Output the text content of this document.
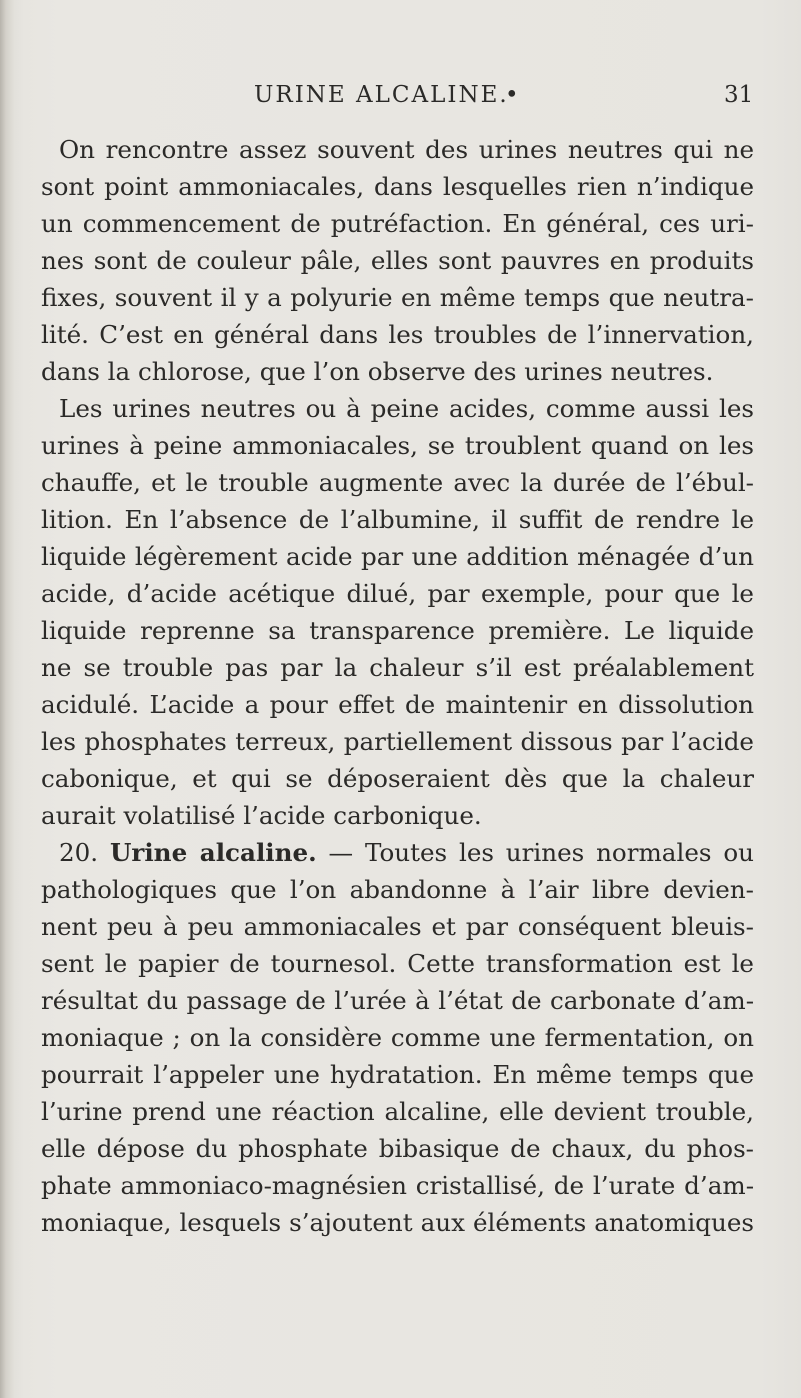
URINE ALCALINE.
•	31
On rencontre assez souvent des urines neutres qui ne
sont point ammoniacales, dans lesquelles rien n’indique
un commencement de putréfaction. En général, ces uri-
nes sont de couleur pâle, elles sont pauvres en produits
fixes, souvent il y a polyurie en même temps que neutra-
lité. C’est en général dans les troubles de l’innervation,
dans la chlorose, que l’on observe des urines neutres.
Les urines neutres ou à peine acides, comme aussi les
urines à peine ammoniacales, se troublent quand on les
chauffe, et le trouble augmente avec la durée de l’ébul-
lition. En l’absence de l’albumine, il suffit de rendre le
liquide légèrement acide par une addition ménagée d’un
acide, d’acide acétique dilué, par exemple, pour que le
liquide reprenne sa transparence première. Le liquide
ne se trouble pas par la chaleur s’il est préalablement
acidulé. L’acide a pour effet de maintenir en dissolution
les phosphates terreux, partiellement dissous par l’acide
cabonique, et qui se déposeraient dès que la chaleur
aurait volatilisé l’acide carbonique.
20. Urine alcaline. — Toutes les urines normales ou
pathologiques que l’on abandonne à l’air libre devien-
nent peu à peu ammoniacales et par conséquent bleuis-
sent le papier de tournesol. Cette transformation est le
résultat du passage de l’urée à l’état de carbonate d’am-
moniaque ; on la considère comme une fermentation, on
pourrait l’appeler une hydratation. En même temps que
l’urine prend une réaction alcaline, elle devient trouble,
elle dépose du phosphate bibasique de chaux, du phos-
phate ammoniaco-magnésien cristallisé, de l’urate d’am-
moniaque, lesquels s’ajoutent aux éléments anatomiques
